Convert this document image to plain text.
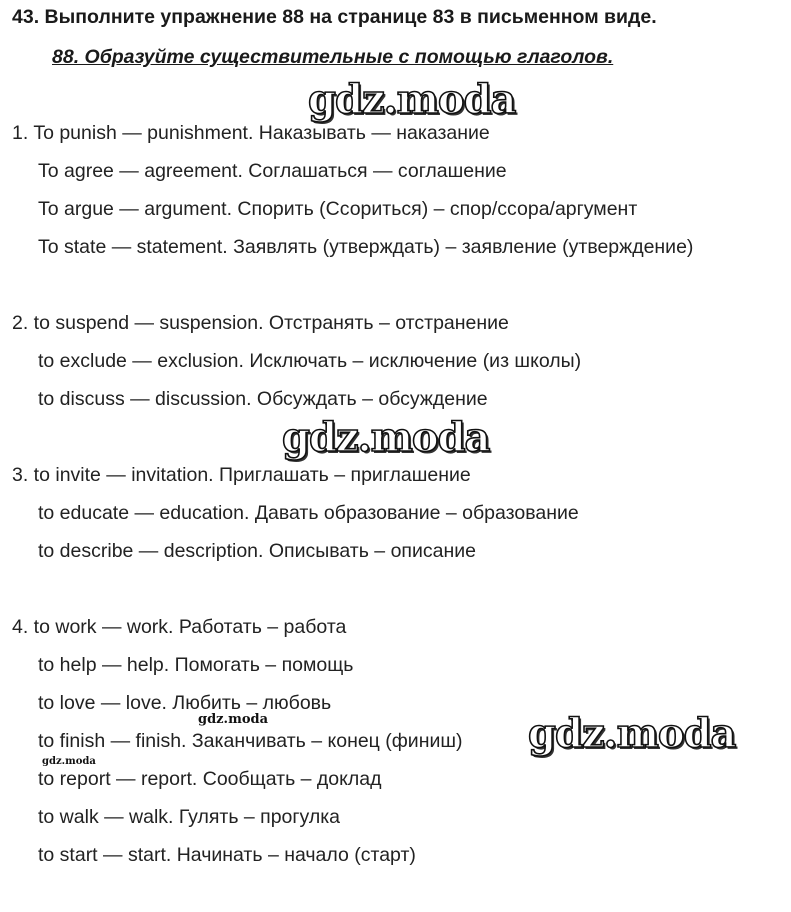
43. Выполните упражнение 88 на странице 83 в письменном виде.
88. Образуйте существительные с помощью глаголов.
gdz.moda
1. To punish — punishment. Наказывать — наказание
To agree — agreement. Соглашаться — соглашение
To argue — argument. Спорить (Ссориться) – спор/ссора/аргумент
To state — statement. Заявлять (утверждать) – заявление (утверждение)
2. to suspend — suspension. Отстранять – отстранение
to exclude — exclusion. Исключать – исключение (из школы)
to discuss — discussion. Обсуждать – обсуждение
gdz.moda
3. to invite — invitation. Приглашать – приглашение
to educate — education. Давать образование – образование
to describe — description. Описывать – описание
4. to work — work. Работать – работа
to help — help. Помогать – помощь
to love — love. Любить – любовь
to finish — finish. Заканчивать – конец (финиш)
to report — report. Сообщать – доклад
to walk — walk. Гулять – прогулка
to start — start. Начинать – начало (старт)
gdz.moda	gdz.moda
gdz.moda
